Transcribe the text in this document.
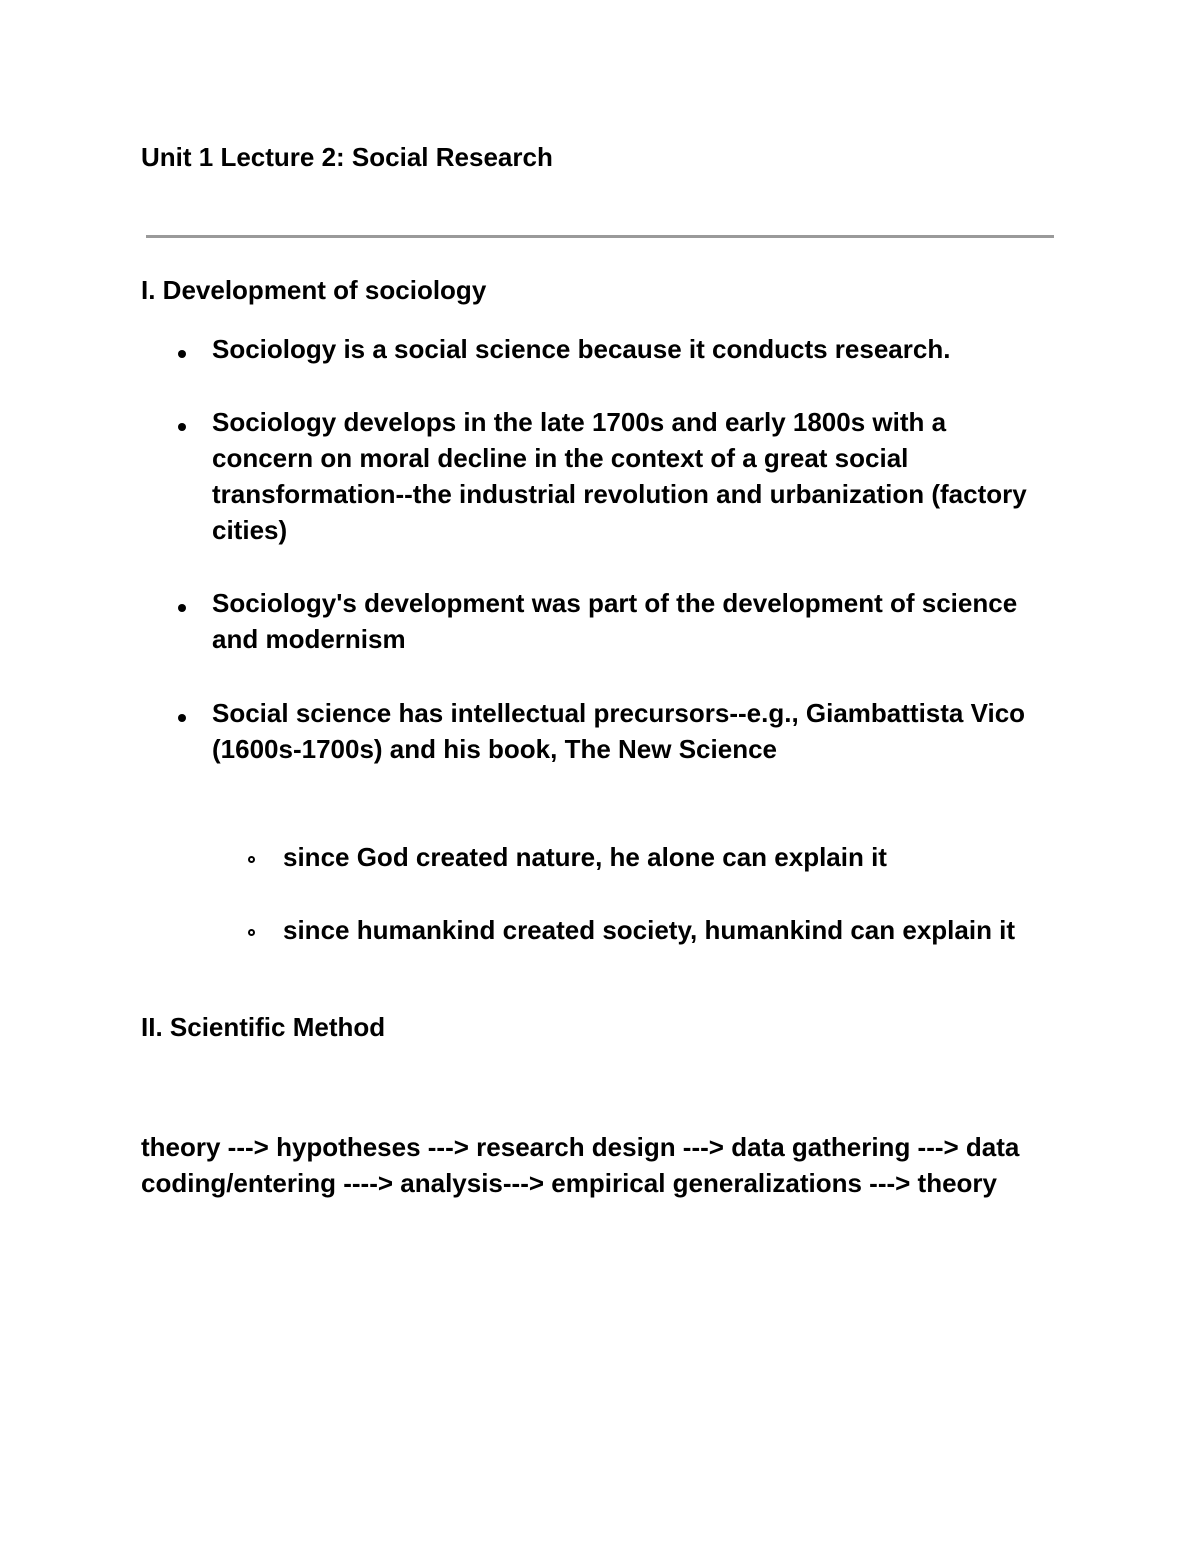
Unit 1 Lecture 2: Social Research
I. Development of sociology
Sociology is a social science because it conducts research.
Sociology develops in the late 1700s and early 1800s with a concern on moral decline in the context of a great social transformation--the industrial revolution and urbanization (factory cities)
Sociology's development was part of the development of science and modernism
Social science has intellectual precursors--e.g., Giambattista Vico (1600s-1700s) and his book, The New Science
since God created nature, he alone can explain it
since humankind created society, humankind can explain it
II. Scientific Method
theory ---> hypotheses ---> research design ---> data gathering ---> data coding/entering ----> analysis---> empirical generalizations ---> theory
